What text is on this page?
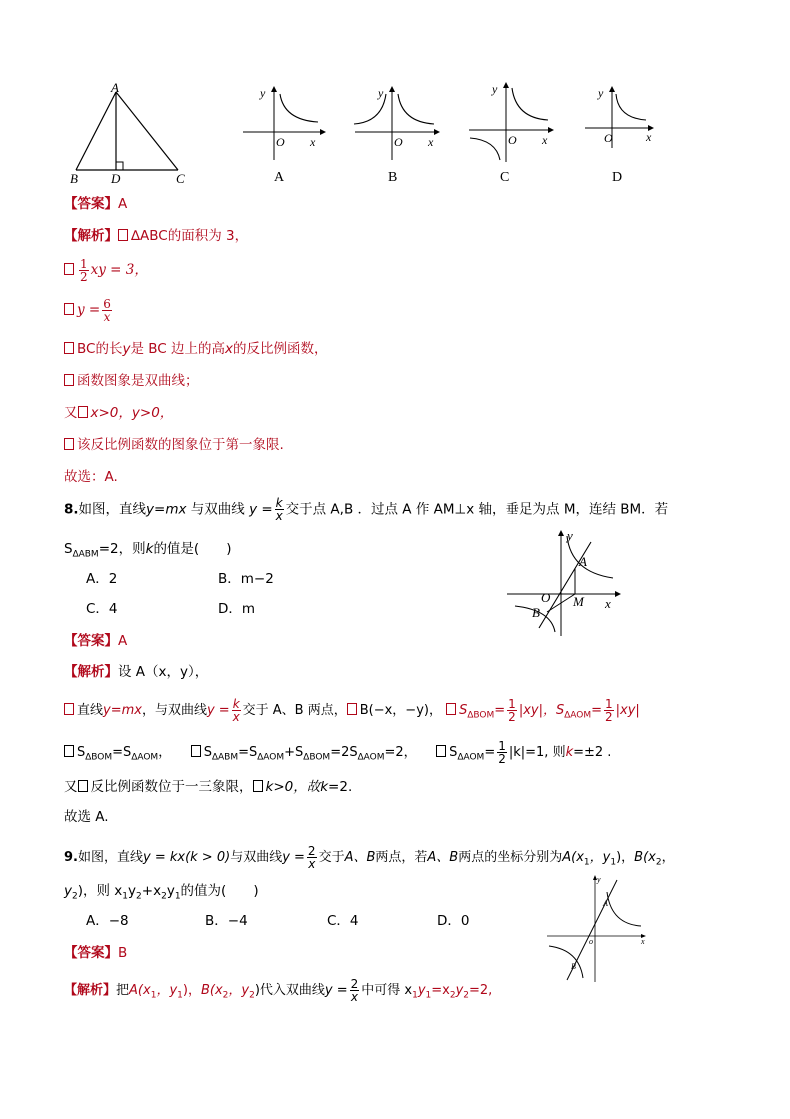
A
B	D	C
y
O x
A
y
O x
B
y
O x
C
y
O	x
D
【答案】A
【解析】 ∆ABC的面积为 3，
$\frac{1}{2}$ xy = 3，
$y = \frac{6}{x}$
BC的长y是 BC 边上的高x的反比例函数，
函数图象是双曲线；
又 x>0，y>0，
该反比例函数的图象位于第一象限.
故选：A.
8.如图，直线y=mx 与双曲线 $y = \frac{k}{x}$ 交于点 A,B ．过点 A 作 AM⊥x 轴，垂足为点 M，连结 BM．若
$S_{\Delta ABM}=2$，则k的值是(　　)
A．2	B．m−2
C．4	D．m
y
A
O M x
B
【答案】A
【解析】设 A（x，y），
直线y=mx，与双曲线$y = \frac{k}{x}$ 交于 A、B 两点， B(−x，−y)， $S_{\Delta BOM}= \frac{1}{2} |xy|$，$S_{\Delta AOM}= \frac{1}{2} |xy|$
$S_{\Delta BOM}=S_{\Delta AOM}$，　　	$S_{\Delta ABM}=S_{\Delta AOM}+S_{\Delta BOM}=2S_{\Delta AOM}=2$，　　	$S_{\Delta AOM}= \frac{1}{2} |k|=1$, 则k=±2 .
又 反比例函数位于一三象限， k>0，故k=2.
故选 A.
9.如图，直线y = kx(k > 0)与双曲线$y = \frac{2}{x}$ 交于A、B两点，若A、B两点的坐标分别为$A(x_1$，$y_1$)，$B(x_2$，
$y_2$)，则 $x_1y_2+x_2y_1$的值为(　　)
A．−8	B．−4	C．4	D．0
y
x
o
A
B
【答案】B
【解析】把$A(x_1$，$y_1$)，$B(x_2$，$y_2$)代入双曲线$y = \frac{2}{x}$ 中可得 $x_1y_1=x_2y_2=2$,
